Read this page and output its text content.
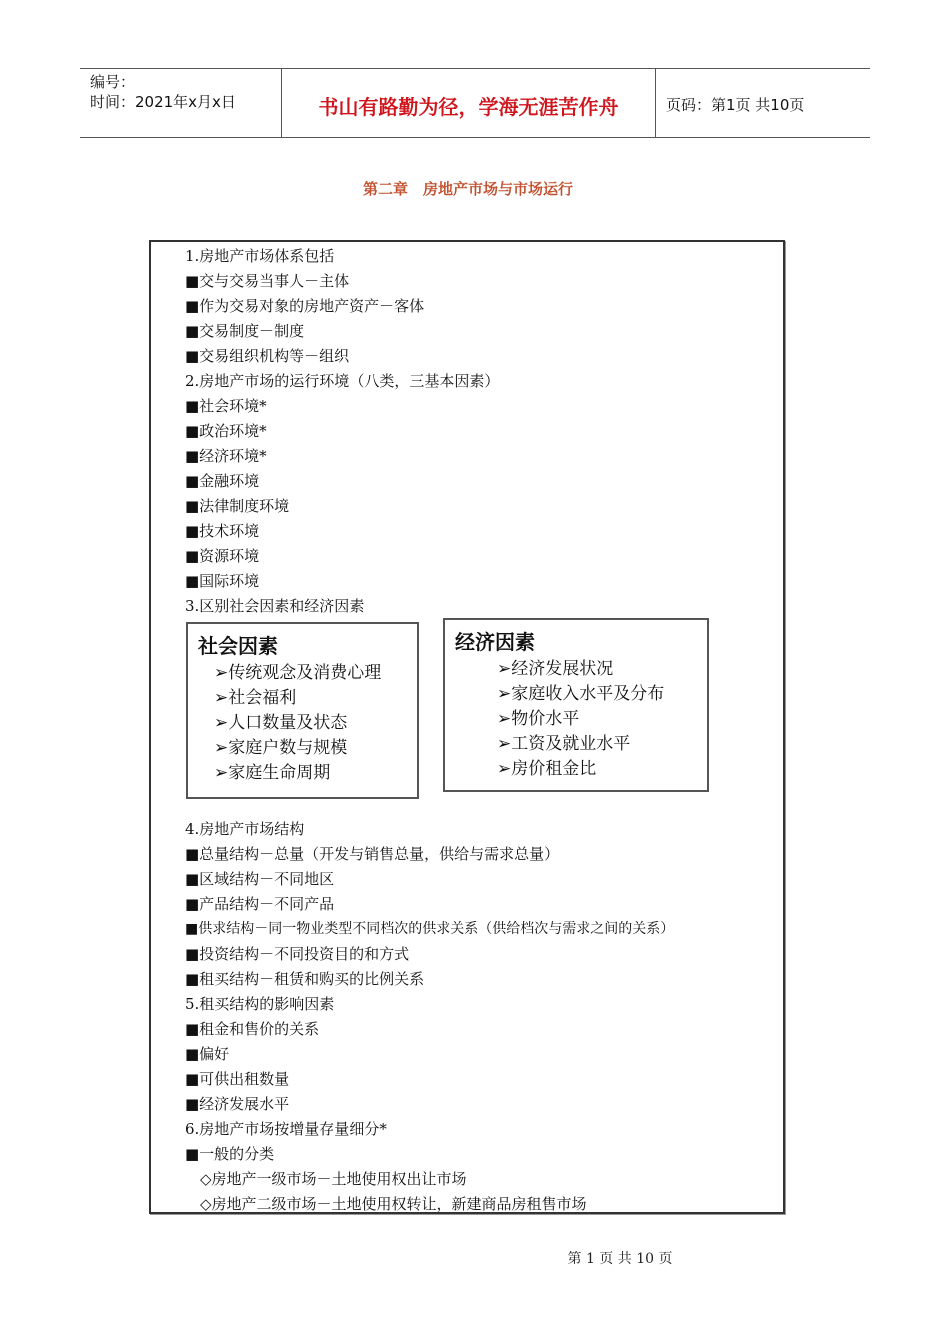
编号：
时间：2021年x月x日	书山有路勤为径，学海无涯苦作舟	页码：第1页 共10页
第二章　房地产市场与市场运行
1.房地产市场体系包括
■交与交易当事人－主体
■作为交易对象的房地产资产－客体
■交易制度－制度
■交易组织机构等－组织
2.房地产市场的运行环境（八类，三基本因素）
■社会环境*
■政治环境*
■经济环境*
■金融环境
■法律制度环境
■技术环境
■资源环境
■国际环境
3.区别社会因素和经济因素
社会因素
➢传统观念及消费心理
➢社会福利
➢人口数量及状态
➢家庭户数与规模
➢家庭生命周期
经济因素
➢经济发展状况
➢家庭收入水平及分布
➢物价水平
➢工资及就业水平
➢房价租金比
4.房地产市场结构
■总量结构－总量（开发与销售总量，供给与需求总量）
■区域结构－不同地区
■产品结构－不同产品
■供求结构－同一物业类型不同档次的供求关系（供给档次与需求之间的关系）
■投资结构－不同投资目的和方式
■租买结构－租赁和购买的比例关系
5.租买结构的影响因素
■租金和售价的关系
■偏好
■可供出租数量
■经济发展水平
6.房地产市场按增量存量细分*
■一般的分类
　◇房地产一级市场－土地使用权出让市场
　◇房地产二级市场－土地使用权转让，新建商品房租售市场
第 1 页 共 10 页
